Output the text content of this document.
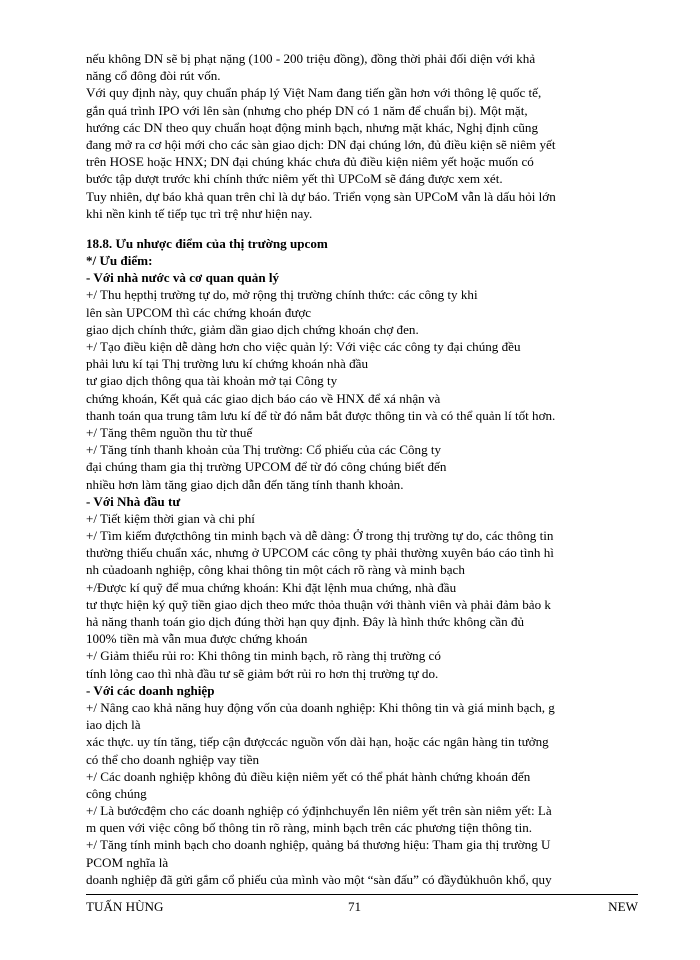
nếu không DN sẽ bị phạt nặng (100 - 200 triệu đồng), đồng thời phải đối diện với khả
năng cổ đông đòi rút vốn.
Với quy định này, quy chuẩn pháp lý Việt Nam đang tiến gần hơn với thông lệ quốc tế,
gắn quá trình IPO với lên sàn (nhưng cho phép DN có 1 năm để chuẩn bị). Một mặt,
hướng các DN theo quy chuẩn hoạt động minh bạch, nhưng mặt khác, Nghị định cũng
đang mở ra cơ hội mới cho các sàn giao dịch: DN đại chúng lớn, đủ điều kiện sẽ niêm yết
trên HOSE hoặc HNX; DN đại chúng khác chưa đủ điều kiện niêm yết hoặc muốn có
bước tập dượt trước khi chính thức niêm yết thì UPCoM sẽ đáng được xem xét.
Tuy nhiên, dự báo khả quan trên chỉ là dự báo. Triển vọng sàn UPCoM vẫn là dấu hỏi lớn
khi nền kinh tế tiếp tục trì trệ như hiện nay.
18.8. Ưu nhược điểm của thị trường upcom
*/ Ưu điểm:
- Với nhà nước và cơ quan quản lý
+/ Thu hẹpthị trường tự do, mở rộng thị trường chính thức: các công ty khi
lên sàn UPCOM thì các chứng khoán được
giao dịch chính thức, giảm dần giao dịch chứng khoán chợ đen.
+/ Tạo điều kiện dễ dàng hơn cho việc quản lý: Với việc các công ty đại chúng đều
phải lưu kí tại Thị trường lưu kí chứng khoán nhà đầu
tư giao dịch thông qua tài khoản mở tại Công ty
chứng khoán, Kết quả các giao dịch báo cáo về HNX để xá nhận và
thanh toán qua trung tâm lưu kí để từ đó nắm bắt được thông tin và có thể quản lí tốt hơn.
+/ Tăng thêm nguồn thu từ thuế
+/ Tăng tính thanh khoản của Thị trường: Cổ phiếu của các Công ty
đại chúng tham gia thị trường UPCOM để từ đó công chúng biết đến
nhiều hơn làm tăng giao dịch dẫn đến tăng tính thanh khoản.
- Với Nhà đầu tư
+/ Tiết kiệm thời gian và chi phí
+/ Tìm kiếm đượcthông tin minh bạch và dễ dàng: Ở trong thị trường tự do, các thông tin
thường thiếu chuẩn xác, nhưng ở UPCOM các công ty phải thường xuyên báo cáo tình hì
nh củadoanh nghiệp, công khai thông tin một cách rõ ràng và minh bạch
+/Được kí quỹ để mua chứng khoán: Khi đặt lệnh mua chứng, nhà đầu
tư thực hiện ký quỹ tiền giao dịch theo mức thỏa thuận với thành viên và phải đảm bảo k
hả năng thanh toán gio dịch đúng thời hạn quy định. Đây là hình thức không cần đủ
100% tiền mà vẫn mua được chứng khoán
+/ Giảm thiểu rủi ro: Khi thông tin minh bạch, rõ ràng thị trường có
tính lỏng cao thì nhà đầu tư sẽ giảm bớt rủi ro hơn thị trường tự do.
- Với các doanh nghiệp
+/ Nâng cao khả năng huy động vốn của doanh nghiệp: Khi thông tin và giá minh bạch, g
iao dịch là
xác thực. uy tín tăng, tiếp cận đượccác nguồn vốn dài hạn, hoặc các ngân hàng tin tưởng
có thể cho doanh nghiệp vay tiền
+/ Các doanh nghiệp không đủ điều kiện niêm yết có thể phát hành chứng khoán đến
công chúng
+/ Là bướcđệm cho các doanh nghiệp có ýđịnhchuyển lên niêm yết trên sàn niêm yết: Là
m quen với việc công bố thông tin rõ ràng, minh bạch trên các phương tiện thông tin.
+/ Tăng tính minh bạch cho doanh nghiệp, quảng bá thương hiệu: Tham gia thị trường U
PCOM nghĩa là
doanh nghiệp đã gửi gắm cổ phiếu của mình vào một “sàn đấu” có đầyđủkhuôn khổ, quy
TUẤN HÙNG	71	NEW
